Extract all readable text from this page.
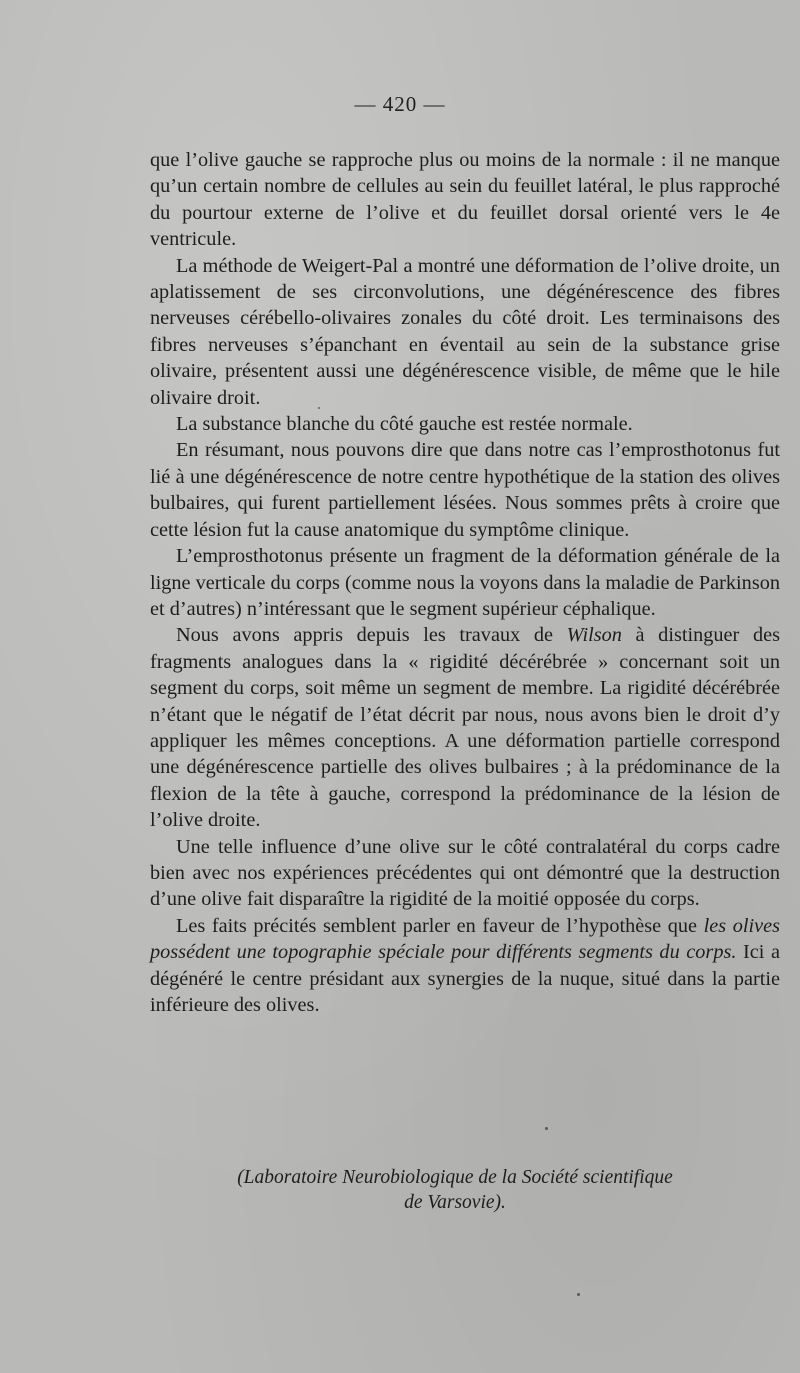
— 420 —

que l’olive gauche se rapproche plus ou moins de la normale : il ne manque qu’un certain nombre de cellules au sein du feuillet latéral, le plus rapproché du pourtour externe de l’olive et du feuillet dorsal orienté vers le 4e ventricule.

La méthode de Weigert-Pal a montré une déformation de l’olive droite, un aplatissement de ses circonvolutions, une dégénérescence des fibres nerveuses cérébello-olivaires zonales du côté droit. Les terminaisons des fibres nerveuses s’épanchant en éventail au sein de la substance grise olivaire, présentent aussi une dégénérescence visible, de même que le hile olivaire droit.

La substance blanche du côté gauche est restée normale.

En résumant, nous pouvons dire que dans notre cas l’emprosthotonus fut lié à une dégénérescence de notre centre hypothétique de la station des olives bulbaires, qui furent partiellement lésées. Nous sommes prêts à croire que cette lésion fut la cause anatomique du symptôme clinique.

L’emprosthotonus présente un fragment de la déformation générale de la ligne verticale du corps (comme nous la voyons dans la maladie de Parkinson et d’autres) n’intéressant que le segment supérieur céphalique.

Nous avons appris depuis les travaux de Wilson à distinguer des fragments analogues dans la « rigidité décérébrée » concernant soit un segment du corps, soit même un segment de membre. La rigidité décérébrée n’étant que le négatif de l’état décrit par nous, nous avons bien le droit d’y appliquer les mêmes conceptions. A une déformation partielle correspond une dégénérescence partielle des olives bulbaires ; à la prédominance de la flexion de la tête à gauche, correspond la prédominance de la lésion de l’olive droite.

Une telle influence d’une olive sur le côté contralatéral du corps cadre bien avec nos expériences précédentes qui ont démontré que la destruction d’une olive fait disparaître la rigidité de la moitié opposée du corps.

Les faits précités semblent parler en faveur de l’hypothèse que les olives possédent une topographie spéciale pour différents segments du corps. Ici a dégénéré le centre présidant aux synergies de la nuque, situé dans la partie inférieure des olives.

(Laboratoire Neurobiologique de la Société scientifique
de Varsovie).
